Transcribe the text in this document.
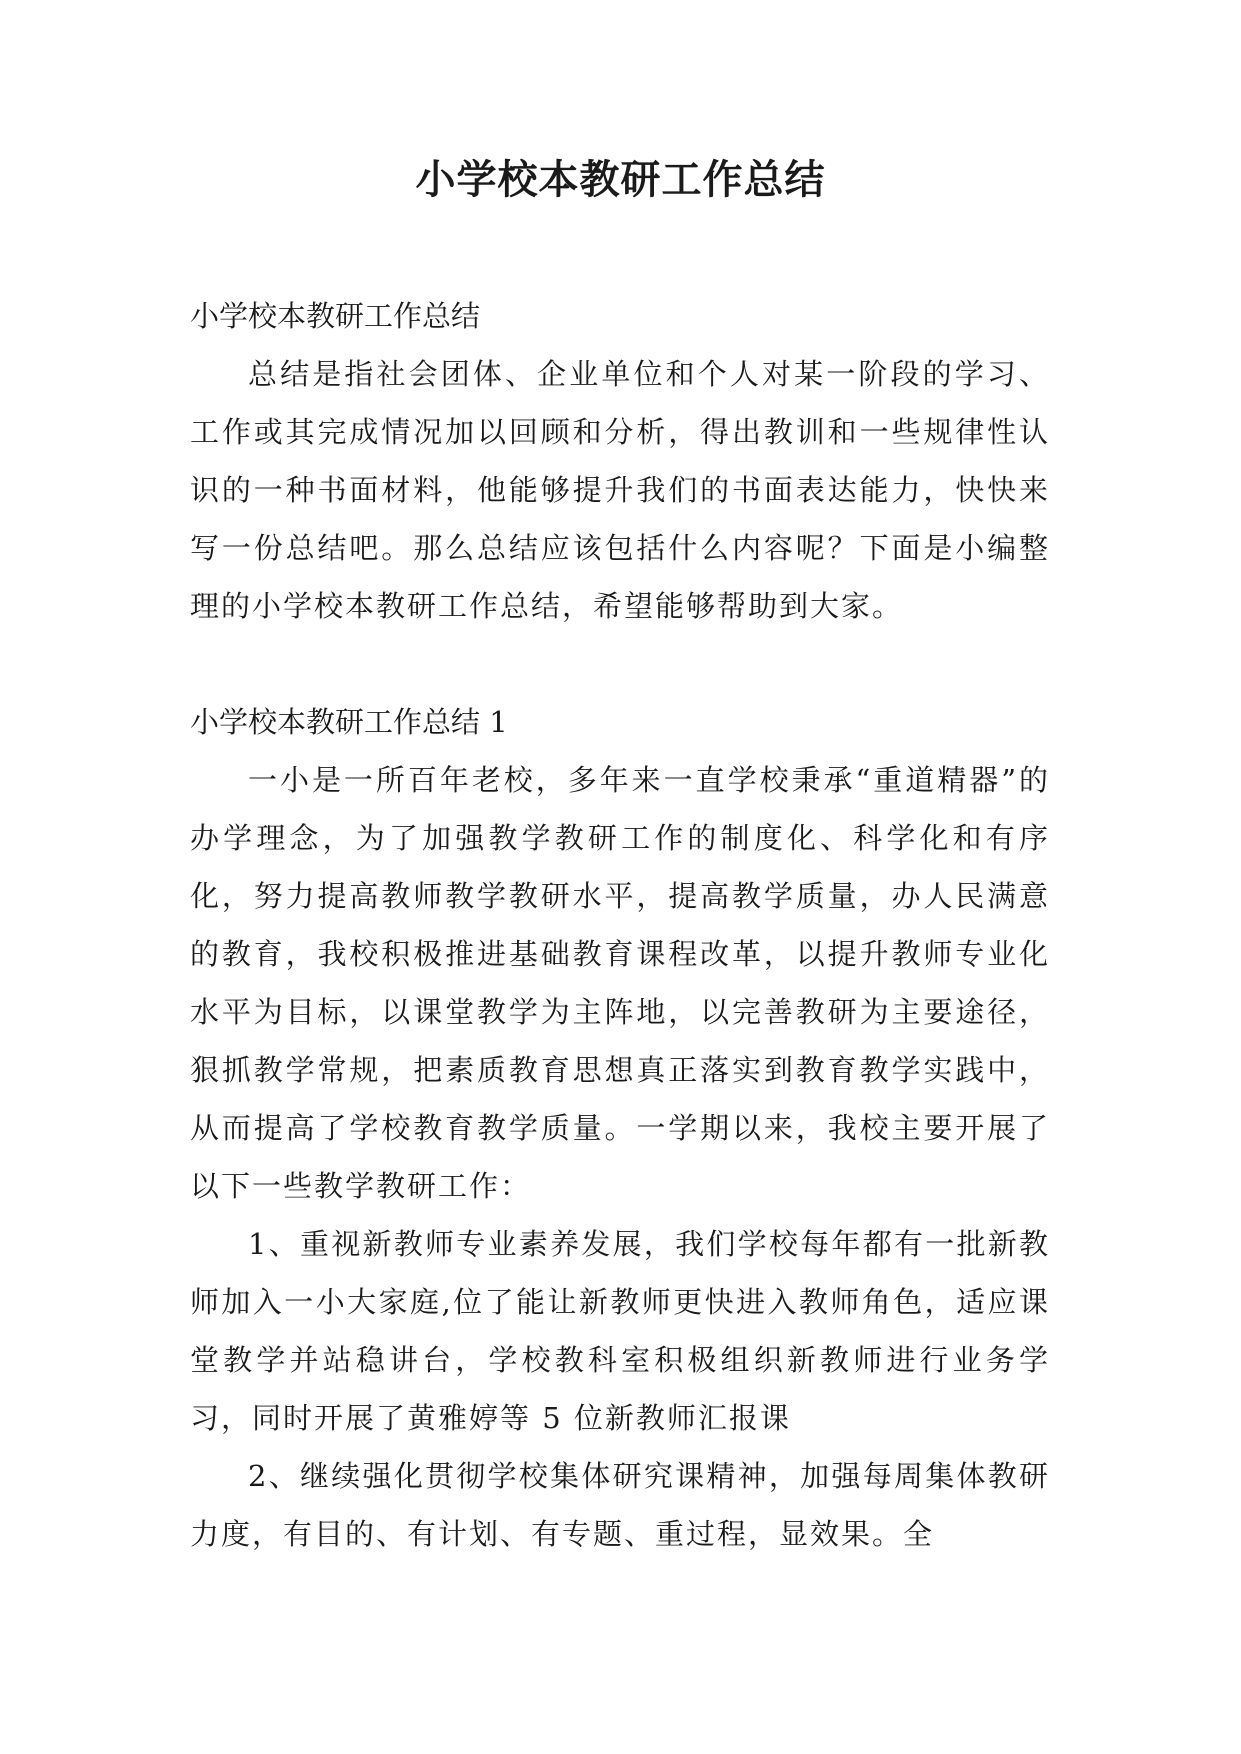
小学校本教研工作总结

小学校本教研工作总结

总结是指社会团体、企业单位和个人对某一阶段的学习、工作或其完成情况加以回顾和分析，得出教训和一些规律性认识的一种书面材料，他能够提升我们的书面表达能力，快快来写一份总结吧。那么总结应该包括什么内容呢？下面是小编整理的小学校本教研工作总结，希望能够帮助到大家。

小学校本教研工作总结 1

一小是一所百年老校，多年来一直学校秉承“重道精器”的办学理念，为了加强教学教研工作的制度化、科学化和有序化，努力提高教师教学教研水平，提高教学质量，办人民满意的教育，我校积极推进基础教育课程改革，以提升教师专业化水平为目标，以课堂教学为主阵地，以完善教研为主要途径，狠抓教学常规，把素质教育思想真正落实到教育教学实践中，从而提高了学校教育教学质量。一学期以来，我校主要开展了以下一些教学教研工作：

1、重视新教师专业素养发展，我们学校每年都有一批新教师加入一小大家庭,位了能让新教师更快进入教师角色，适应课堂教学并站稳讲台，学校教科室积极组织新教师进行业务学习，同时开展了黄雅婷等 5 位新教师汇报课

2、继续强化贯彻学校集体研究课精神，加强每周集体教研力度，有目的、有计划、有专题、重过程，显效果。全
